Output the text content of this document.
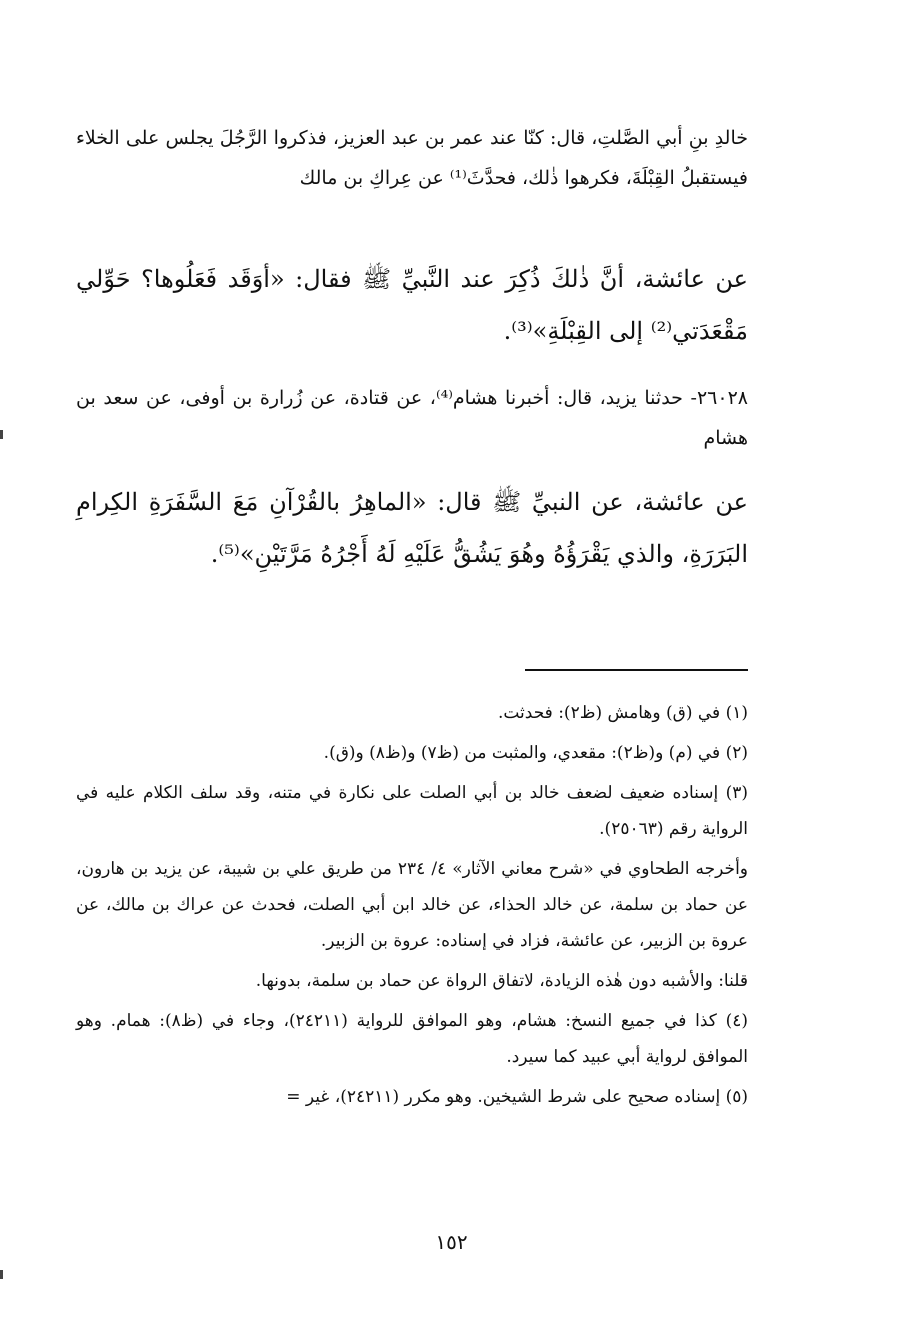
خالدِ بنِ أبي الصَّلتِ، قال: كنّا عند عمر بن عبد العزيز، فذكروا الرَّجُلَ يجلس على الخلاء فيستقبلُ القِبْلَةَ، فكرهوا ذٰلك، فحدَّثَ⁽¹⁾ عن عِراكِ بن مالك

عن عائشة، أنَّ ذٰلكَ ذُكِرَ عند النَّبيِّ ﷺ فقال: «أوَقَد فَعَلُوها؟ حَوِّلي مَقْعَدَتي⁽²⁾ إلى القِبْلَةِ»⁽³⁾.

٢٦٠٢٨- حدثنا يزيد، قال: أخبرنا هشام⁽⁴⁾، عن قتادة، عن زُرارة بن أوفى، عن سعد بن هشام

عن عائشة، عن النبيِّ ﷺ قال: «الماهِرُ بالقُرْآنِ مَعَ السَّفَرَةِ الكِرامِ البَرَرَةِ، والذي يَقْرَؤُهُ وهُوَ يَشُقُّ عَلَيْهِ لَهُ أَجْرُهُ مَرَّتَيْنِ»⁽⁵⁾.

(١) في (ق) وهامش (ظ٢): فحدثت.

(٢) في (م) و(ظ٢): مقعدي، والمثبت من (ظ٧) و(ظ٨) و(ق).

(٣) إسناده ضعيف لضعف خالد بن أبي الصلت على نكارة في متنه، وقد سلف الكلام عليه في الرواية رقم (٢٥٠٦٣).

وأخرجه الطحاوي في «شرح معاني الآثار» ٤/ ٢٣٤ من طريق علي بن شيبة، عن يزيد بن هارون، عن حماد بن سلمة، عن خالد الحذاء، عن خالد ابن أبي الصلت، فحدث عن عراك بن مالك، عن عروة بن الزبير، عن عائشة، فزاد في إسناده: عروة بن الزبير.

قلنا: والأشبه دون هٰذه الزيادة، لاتفاق الرواة عن حماد بن سلمة، بدونها.

(٤) كذا في جميع النسخ: هشام، وهو الموافق للرواية (٢٤٢١١)، وجاء في (ظ٨): همام. وهو الموافق لرواية أبي عبيد كما سيرد.

(٥) إسناده صحيح على شرط الشيخين. وهو مكرر (٢٤٢١١)، غير =

١٥٢
